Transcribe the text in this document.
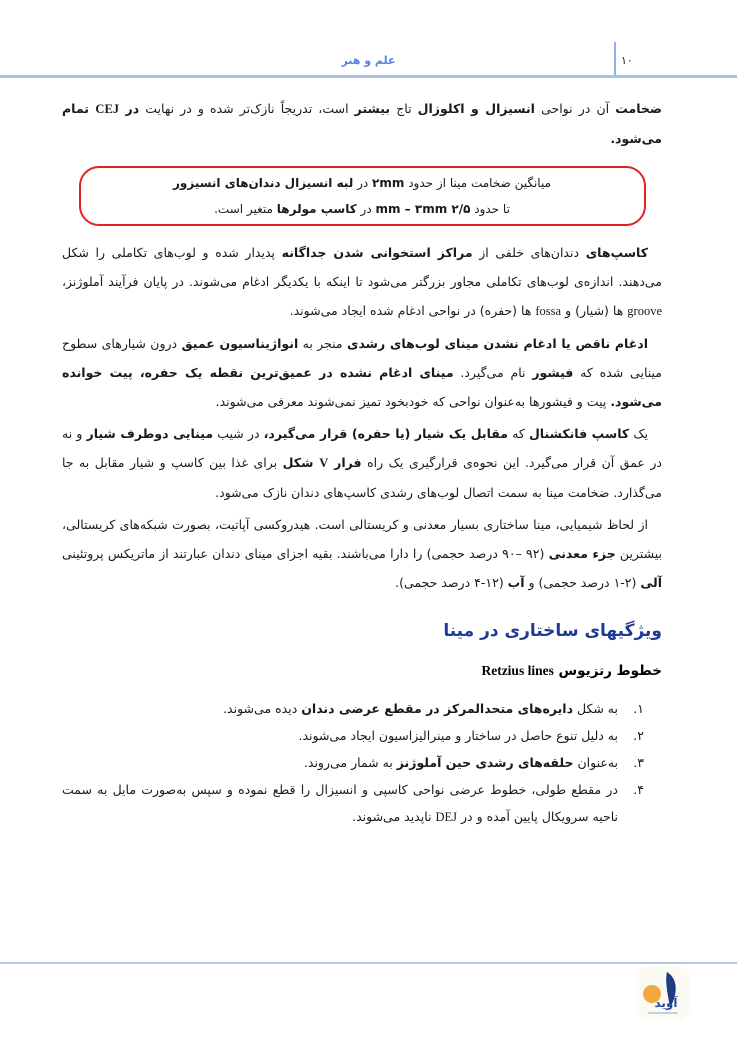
علم و هنر	۱۰

ضخامت آن در نواحی انسیزال و اکلوزال تاج بیشتر است، تدریجاً نازک‌تر شده و در نهایت در CEJ تمام می‌شود.

میانگین ضخامت مینا از حدود ۲mm در لبه انسیزال دندان‌های انسیزور
تا حدود ۲/۵ mm – ۳mm در کاسپ مولرها متغیر است.

کاسپ‌های دندان‌های خلفی از مراکز استخوانی شدن جداگانه پدیدار شده و لوب‌های تکاملی را شکل می‌دهند. اندازه‌ی لوب‌های تکاملی مجاور بزرگتر می‌شود تا اینکه با یکدیگر ادغام می‌شوند. در پایان فرآیند آملوژنز، groove ها (شیار) و fossa ها (حفره) در نواحی ادغام شده ایجاد می‌شوند.

ادغام ناقص یا ادغام نشدن مینای لوب‌های رشدی منجر به انواژیناسیون عمیق درون شیارهای سطوح مینایی شده که فیشور نام می‌گیرد. مینای ادغام نشده در عمیق‌ترین نقطه یک حفره، پیت خوانده می‌شود. پیت و فیشورها به‌عنوان نواحی که خودبخود تمیز نمی‌شوند معرفی می‌شوند.

یک کاسپ فانکشنال که مقابل یک شیار (یا حفره) قرار می‌گیرد، در شیب مینایی دوطرف شیار و نه در عمق آن قرار می‌گیرد. این نحوه‌ی قرارگیری یک راه فرار V شکل برای غذا بین کاسپ و شیار مقابل به جا می‌گذارد. ضخامت مینا به سمت اتصال لوب‌های رشدی کاسپ‌های دندان نازک می‌شود.

از لحاظ شیمیایی، مینا ساختاری بسیار معدنی و کریستالی است. هیدروکسی آپاتیت، بصورت شبکه‌های کریستالی، بیشترین جزء معدنی (۹۲ –۹۰ درصد حجمی) را دارا می‌باشند. بقیه اجزای مینای دندان عبارتند از ماتریکس پروتئینی آلی (۲-۱ درصد حجمی) و آب (۱۲-۴ درصد حجمی).

ویژگیهای ساختاری در مینا
خطوط رتزیوس Retzius lines
۱.
به شکل دایره‌های متحدالمرکز در مقطع عرضی دندان دیده می‌شوند.
۲.
به دلیل تنوع حاصل در ساختار و مینرالیزاسیون ایجاد می‌شوند.
۳.
به‌عنوان حلقه‌های رشدی حین آملوژنز به شمار می‌روند.
۴.
در مقطع طولی، خطوط عرضی نواحی کاسپی و انسیزال را قطع نموده و سپس به‌صورت مایل به سمت ناحیه سرویکال پایین آمده و در DEJ ناپدید می‌شوند.
آوید
